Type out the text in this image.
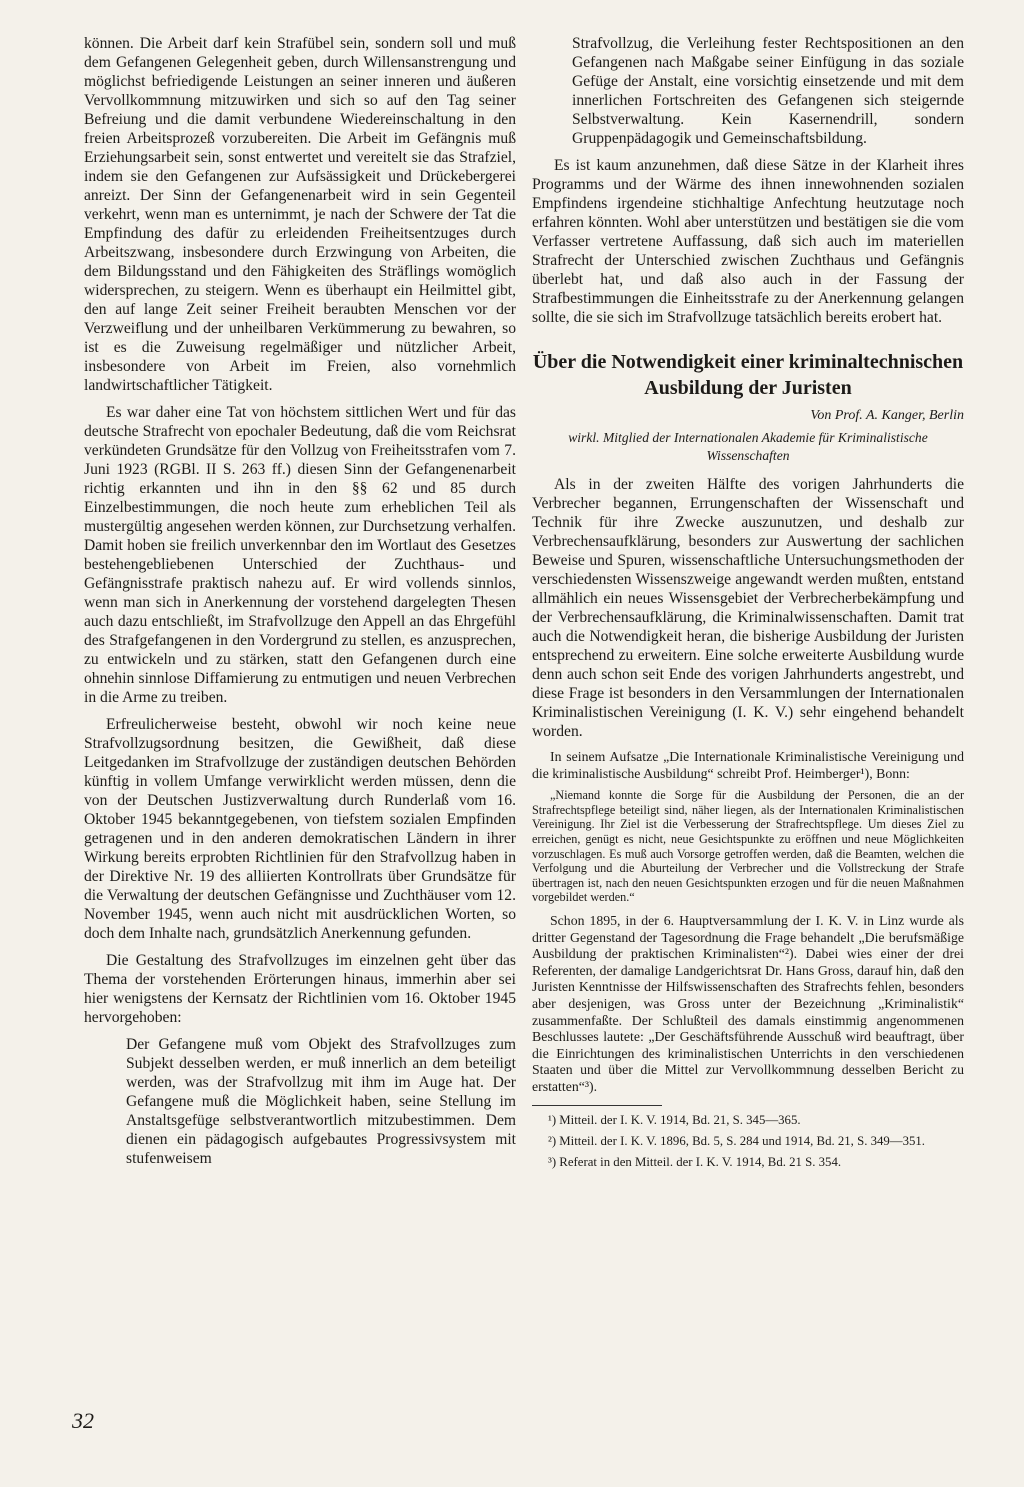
können. Die Arbeit darf kein Strafübel sein, sondern soll und muß dem Gefangenen Gelegenheit geben, durch Willensanstrengung und möglichst befriedigende Leistungen an seiner inneren und äußeren Vervollkommnung mitzuwirken und sich so auf den Tag seiner Befreiung und die damit verbundene Wiedereinschaltung in den freien Arbeitsprozeß vorzubereiten. Die Arbeit im Gefängnis muß Erziehungsarbeit sein, sonst entwertet und vereitelt sie das Strafziel, indem sie den Gefangenen zur Aufsässigkeit und Drückebergerei anreizt. Der Sinn der Gefangenenarbeit wird in sein Gegenteil verkehrt, wenn man es unternimmt, je nach der Schwere der Tat die Empfindung des dafür zu erleidenden Freiheitsentzuges durch Arbeitszwang, insbesondere durch Erzwingung von Arbeiten, die dem Bildungsstand und den Fähigkeiten des Sträflings womöglich widersprechen, zu steigern. Wenn es überhaupt ein Heilmittel gibt, den auf lange Zeit seiner Freiheit beraubten Menschen vor der Verzweiflung und der unheilbaren Verkümmerung zu bewahren, so ist es die Zuweisung regelmäßiger und nützlicher Arbeit, insbesondere von Arbeit im Freien, also vornehmlich landwirtschaftlicher Tätigkeit.

Es war daher eine Tat von höchstem sittlichen Wert und für das deutsche Strafrecht von epochaler Bedeutung, daß die vom Reichsrat verkündeten Grundsätze für den Vollzug von Freiheitsstrafen vom 7. Juni 1923 (RGBl. II S. 263 ff.) diesen Sinn der Gefangenenarbeit richtig erkannten und ihn in den §§ 62 und 85 durch Einzelbestimmungen, die noch heute zum erheblichen Teil als mustergültig angesehen werden können, zur Durchsetzung verhalfen. Damit hoben sie freilich unverkennbar den im Wortlaut des Gesetzes bestehengebliebenen Unterschied der Zuchthaus- und Gefängnisstrafe praktisch nahezu auf. Er wird vollends sinnlos, wenn man sich in Anerkennung der vorstehend dargelegten Thesen auch dazu entschließt, im Strafvollzuge den Appell an das Ehrgefühl des Strafgefangenen in den Vordergrund zu stellen, es anzusprechen, zu entwickeln und zu stärken, statt den Gefangenen durch eine ohnehin sinnlose Diffamierung zu entmutigen und neuen Verbrechen in die Arme zu treiben.

Erfreulicherweise besteht, obwohl wir noch keine neue Strafvollzugsordnung besitzen, die Gewißheit, daß diese Leitgedanken im Strafvollzuge der zuständigen deutschen Behörden künftig in vollem Umfange verwirklicht werden müssen, denn die von der Deutschen Justizverwaltung durch Runderlaß vom 16. Oktober 1945 bekanntgegebenen, von tiefstem sozialen Empfinden getragenen und in den anderen demokratischen Ländern in ihrer Wirkung bereits erprobten Richtlinien für den Strafvollzug haben in der Direktive Nr. 19 des alliierten Kontrollrats über Grundsätze für die Verwaltung der deutschen Gefängnisse und Zuchthäuser vom 12. November 1945, wenn auch nicht mit ausdrücklichen Worten, so doch dem Inhalte nach, grundsätzlich Anerkennung gefunden.

Die Gestaltung des Strafvollzuges im einzelnen geht über das Thema der vorstehenden Erörterungen hinaus, immerhin aber sei hier wenigstens der Kernsatz der Richtlinien vom 16. Oktober 1945 hervorgehoben:

Der Gefangene muß vom Objekt des Strafvollzuges zum Subjekt desselben werden, er muß innerlich an dem beteiligt werden, was der Strafvollzug mit ihm im Auge hat. Der Gefangene muß die Möglichkeit haben, seine Stellung im Anstaltsgefüge selbstverantwortlich mitzubestimmen. Dem dienen ein pädagogisch aufgebautes Progressivsystem mit stufenweisem

Strafvollzug, die Verleihung fester Rechtspositionen an den Gefangenen nach Maßgabe seiner Einfügung in das soziale Gefüge der Anstalt, eine vorsichtig einsetzende und mit dem innerlichen Fortschreiten des Gefangenen sich steigernde Selbstverwaltung. Kein Kasernendrill, sondern Gruppenpädagogik und Gemeinschaftsbildung.

Es ist kaum anzunehmen, daß diese Sätze in der Klarheit ihres Programms und der Wärme des ihnen innewohnenden sozialen Empfindens irgendeine stichhaltige Anfechtung heutzutage noch erfahren könnten. Wohl aber unterstützen und bestätigen sie die vom Verfasser vertretene Auffassung, daß sich auch im materiellen Strafrecht der Unterschied zwischen Zuchthaus und Gefängnis überlebt hat, und daß also auch in der Fassung der Strafbestimmungen die Einheitsstrafe zu der Anerkennung gelangen sollte, die sie sich im Strafvollzuge tatsächlich bereits erobert hat.

Über die Notwendigkeit einer kriminaltechnischen Ausbildung der Juristen
Von Prof. A. Kanger, Berlin
wirkl. Mitglied der Internationalen Akademie für Kriminalistische Wissenschaften

Als in der zweiten Hälfte des vorigen Jahrhunderts die Verbrecher begannen, Errungenschaften der Wissenschaft und Technik für ihre Zwecke auszunutzen, und deshalb zur Verbrechensaufklärung, besonders zur Auswertung der sachlichen Beweise und Spuren, wissenschaftliche Untersuchungsmethoden der verschiedensten Wissenszweige angewandt werden mußten, entstand allmählich ein neues Wissensgebiet der Verbrecherbekämpfung und der Verbrechensaufklärung, die Kriminalwissenschaften. Damit trat auch die Notwendigkeit heran, die bisherige Ausbildung der Juristen entsprechend zu erweitern. Eine solche erweiterte Ausbildung wurde denn auch schon seit Ende des vorigen Jahrhunderts angestrebt, und diese Frage ist besonders in den Versammlungen der Internationalen Kriminalistischen Vereinigung (I. K. V.) sehr eingehend behandelt worden.

In seinem Aufsatze „Die Internationale Kriminalistische Vereinigung und die kriminalistische Ausbildung“ schreibt Prof. Heimberger¹), Bonn:

„Niemand konnte die Sorge für die Ausbildung der Personen, die an der Strafrechtspflege beteiligt sind, näher liegen, als der Internationalen Kriminalistischen Vereinigung. Ihr Ziel ist die Verbesserung der Strafrechtspflege. Um dieses Ziel zu erreichen, genügt es nicht, neue Gesichtspunkte zu eröffnen und neue Möglichkeiten vorzuschlagen. Es muß auch Vorsorge getroffen werden, daß die Beamten, welchen die Verfolgung und die Aburteilung der Verbrecher und die Vollstreckung der Strafe übertragen ist, nach den neuen Gesichtspunkten erzogen und für die neuen Maßnahmen vorgebildet werden.“

Schon 1895, in der 6. Hauptversammlung der I. K. V. in Linz wurde als dritter Gegenstand der Tagesordnung die Frage behandelt „Die berufsmäßige Ausbildung der praktischen Kriminalisten“²). Dabei wies einer der drei Referenten, der damalige Landgerichtsrat Dr. Hans Gross, darauf hin, daß den Juristen Kenntnisse der Hilfswissenschaften des Strafrechts fehlen, besonders aber desjenigen, was Gross unter der Bezeichnung „Kriminalistik“ zusammenfaßte. Der Schlußteil des damals einstimmig angenommenen Beschlusses lautete: „Der Geschäftsführende Ausschuß wird beauftragt, über die Einrichtungen des kriminalistischen Unterrichts in den verschiedenen Staaten und über die Mittel zur Vervollkommnung desselben Bericht zu erstatten“³).

¹) Mitteil. der I. K. V. 1914, Bd. 21, S. 345—365.
²) Mitteil. der I. K. V. 1896, Bd. 5, S. 284 und 1914, Bd. 21, S. 349—351.
³) Referat in den Mitteil. der I. K. V. 1914, Bd. 21 S. 354.
32
